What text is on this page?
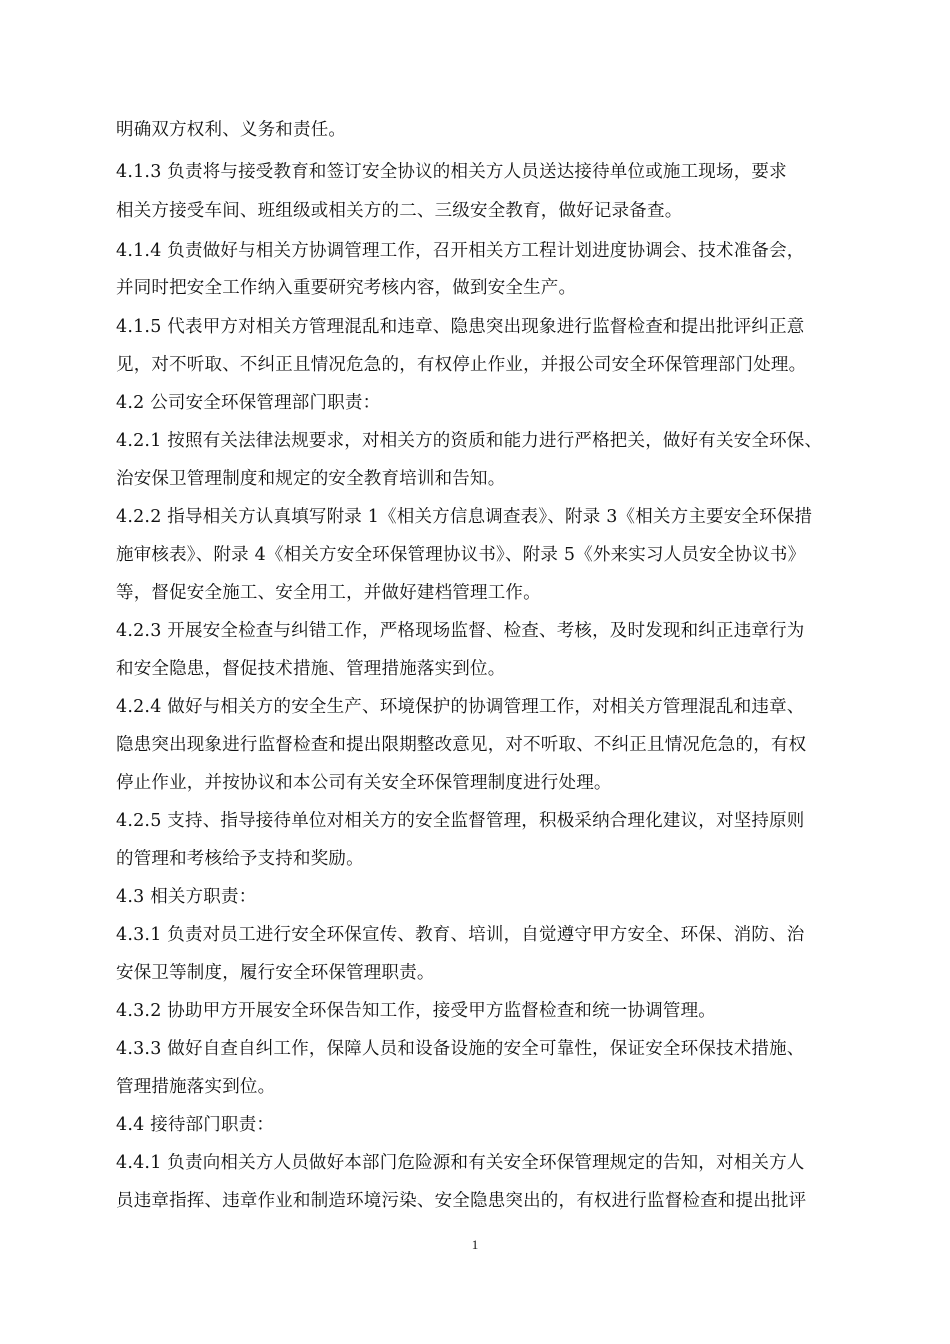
明确双方权利、义务和责任。
4.1.3 负责将与接受教育和签订安全协议的相关方人员送达接待单位或施工现场，要求
相关方接受车间、班组级或相关方的二、三级安全教育，做好记录备查。
4.1.4 负责做好与相关方协调管理工作，召开相关方工程计划进度协调会、技术准备会，
并同时把安全工作纳入重要研究考核内容，做到安全生产。
4.1.5 代表甲方对相关方管理混乱和违章、隐患突出现象进行监督检查和提出批评纠正意
见，对不听取、不纠正且情况危急的，有权停止作业，并报公司安全环保管理部门处理。
4.2 公司安全环保管理部门职责：
4.2.1 按照有关法律法规要求，对相关方的资质和能力进行严格把关，做好有关安全环保、
治安保卫管理制度和规定的安全教育培训和告知。
4.2.2 指导相关方认真填写附录 1《相关方信息调查表》、附录 3《相关方主要安全环保措
施审核表》、附录 4《相关方安全环保管理协议书》、附录 5《外来实习人员安全协议书》
等，督促安全施工、安全用工，并做好建档管理工作。
4.2.3 开展安全检查与纠错工作，严格现场监督、检查、考核，及时发现和纠正违章行为
和安全隐患，督促技术措施、管理措施落实到位。
4.2.4 做好与相关方的安全生产、环境保护的协调管理工作，对相关方管理混乱和违章、
隐患突出现象进行监督检查和提出限期整改意见，对不听取、不纠正且情况危急的，有权
停止作业，并按协议和本公司有关安全环保管理制度进行处理。
4.2.5 支持、指导接待单位对相关方的安全监督管理，积极采纳合理化建议，对坚持原则
的管理和考核给予支持和奖励。
4.3 相关方职责：
4.3.1 负责对员工进行安全环保宣传、教育、培训，自觉遵守甲方安全、环保、消防、治
安保卫等制度，履行安全环保管理职责。
4.3.2 协助甲方开展安全环保告知工作，接受甲方监督检查和统一协调管理。
4.3.3 做好自查自纠工作，保障人员和设备设施的安全可靠性，保证安全环保技术措施、
管理措施落实到位。
4.4 接待部门职责：
4.4.1 负责向相关方人员做好本部门危险源和有关安全环保管理规定的告知，对相关方人
员违章指挥、违章作业和制造环境污染、安全隐患突出的，有权进行监督检查和提出批评
1
